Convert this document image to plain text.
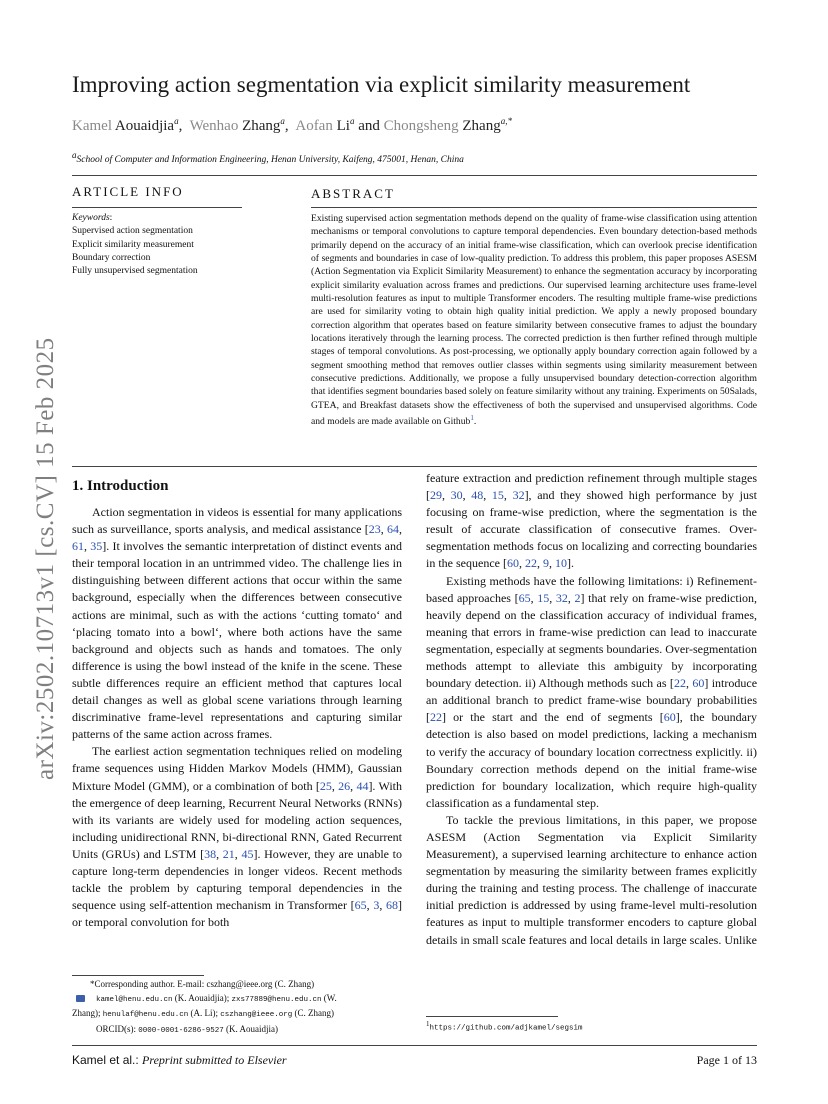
arXiv:2502.10713v1 [cs.CV] 15 Feb 2025
Improving action segmentation via explicit similarity measurement
Kamel Aouaidjia$^a$,  Wenhao Zhang$^a$,  Aofan Li$^a$ and Chongsheng Zhang$^{a,*}$
aSchool of Computer and Information Engineering, Henan University, Kaifeng, 475001, Henan, China
ARTICLE INFO	ABSTRACT
Keywords:
Supervised action segmentation
Explicit similarity measurement
Boundary correction
Fully unsupervised segmentation
Existing supervised action segmentation methods depend on the quality of frame-wise classification using attention mechanisms or temporal convolutions to capture temporal dependencies. Even boundary detection-based methods primarily depend on the accuracy of an initial frame-wise classification, which can overlook precise identification of segments and boundaries in case of low-quality prediction. To address this problem, this paper proposes ASESM (Action Segmentation via Explicit Similarity Measurement) to enhance the segmentation accuracy by incorporating explicit similarity evaluation across frames and predictions. Our supervised learning architecture uses frame-level multi-resolution features as input to multiple Transformer encoders. The resulting multiple frame-wise predictions are used for similarity voting to obtain high quality initial prediction. We apply a newly proposed boundary correction algorithm that operates based on feature similarity between consecutive frames to adjust the boundary locations iteratively through the learning process. The corrected prediction is then further refined through multiple stages of temporal convolutions. As post-processing, we optionally apply boundary correction again followed by a segment smoothing method that removes outlier classes within segments using similarity measurement between consecutive predictions. Additionally, we propose a fully unsupervised boundary detection-correction algorithm that identifies segment boundaries based solely on feature similarity without any training. Experiments on 50Salads, GTEA, and Breakfast datasets show the effectiveness of both the supervised and unsupervised algorithms. Code and models are made available on Github$^1$.
1. Introduction

Action segmentation in videos is essential for many applications such as surveillance, sports analysis, and medical assistance [23, 64, 61, 35]. It involves the semantic interpretation of distinct events and their temporal location in an untrimmed video. The challenge lies in distinguishing between different actions that occur within the same background, especially when the differences between consecutive actions are minimal, such as with the actions ‘cutting tomato‘ and ‘placing tomato into a bowl‘, where both actions have the same background and objects such as hands and tomatoes. The only difference is using the bowl instead of the knife in the scene. These subtle differences require an efficient method that captures local detail changes as well as global scene variations through learning discriminative frame-level representations and capturing similar patterns of the same action across frames.

The earliest action segmentation techniques relied on modeling frame sequences using Hidden Markov Models (HMM), Gaussian Mixture Model (GMM), or a combination of both [25, 26, 44]. With the emergence of deep learning, Recurrent Neural Networks (RNNs) with its variants are widely used for modeling action sequences, including unidirectional RNN, bi-directional RNN, Gated Recurrent Units (GRUs) and LSTM [38, 21, 45]. However, they are unable to capture long-term dependencies in longer videos. Recent methods tackle the problem by capturing temporal dependencies in the sequence using self-attention mechanism in Transformer [65, 3, 68] or temporal convolution for both

feature extraction and prediction refinement through multiple stages [29, 30, 48, 15, 32], and they showed high performance by just focusing on frame-wise prediction, where the segmentation is the result of accurate classification of consecutive frames. Over-segmentation methods focus on localizing and correcting boundaries in the sequence [60, 22, 9, 10].

Existing methods have the following limitations: i) Refinement-based approaches [65, 15, 32, 2] that rely on frame-wise prediction, heavily depend on the classification accuracy of individual frames, meaning that errors in frame-wise prediction can lead to inaccurate segmentation, especially at segments boundaries. Over-segmentation methods attempt to alleviate this ambiguity by incorporating boundary detection. ii) Although methods such as [22, 60] introduce an additional branch to predict frame-wise boundary probabilities [22] or the start and the end of segments [60], the boundary detection is also based on model predictions, lacking a mechanism to verify the accuracy of boundary location correctness explicitly. ii) Boundary correction methods depend on the initial frame-wise prediction for boundary localization, which require high-quality classification as a fundamental step.

To tackle the previous limitations, in this paper, we propose ASESM (Action Segmentation via Explicit Similarity Measurement), a supervised learning architecture to enhance action segmentation by measuring the similarity between frames explicitly during the training and testing process. The challenge of inaccurate initial prediction is addressed by using frame-level multi-resolution features as input to multiple transformer encoders to capture global details in small scale features and local details in large scales. Unlike

*Corresponding author. E-mail: cszhang@ieee.org (C. Zhang)
kamel@henu.edu.cn (K. Aouaidjia); zxs77889@henu.edu.cn (W.
Zhang); henulaf@henu.edu.cn (A. Li); cszhang@ieee.org (C. Zhang)
ORCID(s): 0000-0001-6286-9527 (K. Aouaidjia)	$^1$https://github.com/adjkamel/segsim
Kamel et al.: Preprint submitted to Elsevier	Page 1 of 13
